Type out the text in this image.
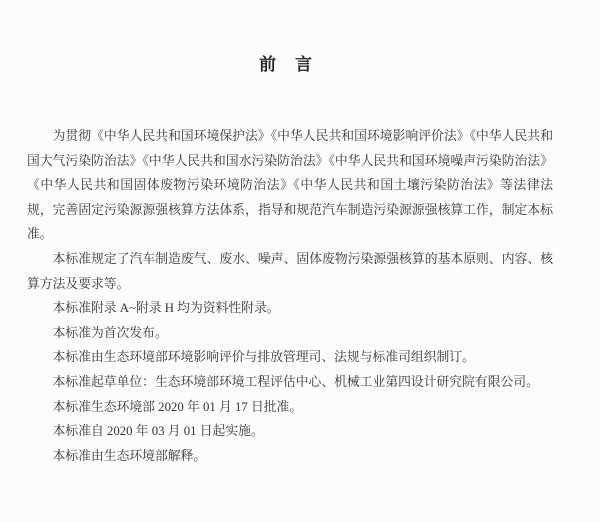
前　言

为贯彻《中华人民共和国环境保护法》《中华人民共和国环境影响评价法》《中华人民共和国大气污染防治法》《中华人民共和国水污染防治法》《中华人民共和国环境噪声污染防治法》《中华人民共和国固体废物污染环境防治法》《中华人民共和国土壤污染防治法》等法律法规，完善固定污染源源强核算方法体系，指导和规范汽车制造污染源源强核算工作，制定本标准。

本标准规定了汽车制造废气、废水、噪声、固体废物污染源强核算的基本原则、内容、核算方法及要求等。

本标准附录 A~附录 H 均为资料性附录。

本标准为首次发布。

本标准由生态环境部环境影响评价与排放管理司、法规与标准司组织制订。

本标准起草单位：生态环境部环境工程评估中心、机械工业第四设计研究院有限公司。

本标准生态环境部 2020 年 01 月 17 日批准。

本标准自 2020 年 03 月 01 日起实施。

本标准由生态环境部解释。
